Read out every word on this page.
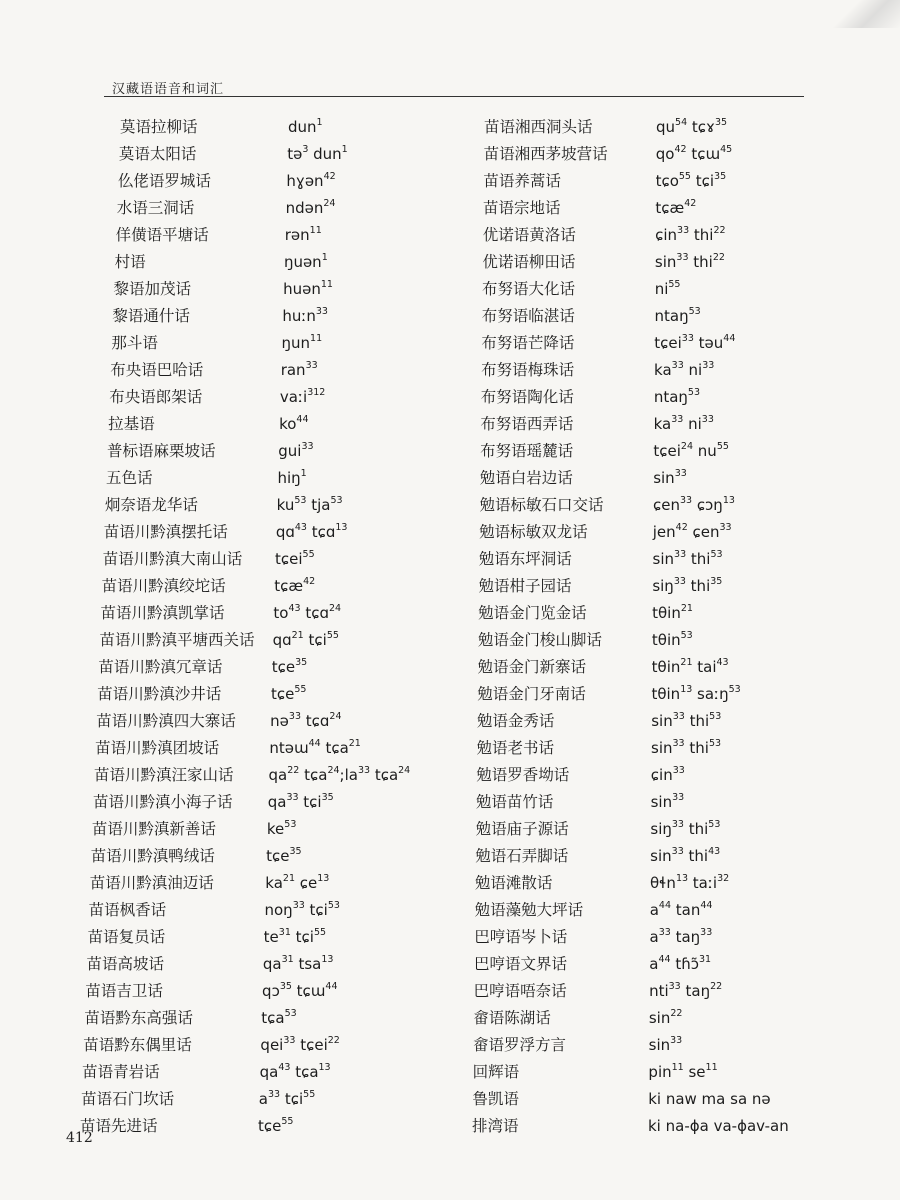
汉藏语语音和词汇
莫语拉柳话	dun$^1$
莫语太阳话	tə$^3$ dun$^1$
仫佬语罗城话	hɣən$^{42}$
水语三洞话	ndən$^{24}$
佯僙语平塘话	rən$^{11}$
村语	ŋuən$^1$
黎语加茂话	huən$^{11}$
黎语通什话	huːn$^{33}$
那斗语	ŋun$^{11}$
布央语巴哈话	ran$^{33}$
布央语郎架话	vaːi$^{312}$
拉基语	$ko^{44}$
普标语麻栗坡话	gui$^{33}$
五色话	hiŋ$^1$
炯奈语龙华话	$ku^{53}$ tja$^{53}$
苗语川黔滇摆托话	qɑ$^{43}$ tɕɑ$^{13}$
苗语川黔滇大南山话 tɕei$^{55}$
苗语川黔滇绞坨话	tɕæ$^{42}$
苗语川黔滇凯掌话	$to^{43}$ tɕɑ$^{24}$
苗语川黔滇平塘西关话 qɑ$^{21}$ tɕi$^{55}$
苗语川黔滇冗章话	tɕe$^{35}$
苗语川黔滇沙井话	tɕe$^{55}$
苗语川黔滇四大寨话 nə$^{33}$ tɕɑ$^{24}$
苗语川黔滇团坡话	ntəɯ$^{44}$ tɕa$^{21}$
苗语川黔滇汪家山话 $qa^{22}$ $tɕa^{24};la^{33}$ tɕa$^{24}$
苗语川黔滇小海子话 $qa^{33}$ tɕi$^{35}$
苗语川黔滇新善话	$ke^{53}$
苗语川黔滇鸭绒话	tɕe$^{35}$
苗语川黔滇油迈话	$ka^{21}$ ɕe$^{13}$
苗语枫香话	noŋ$^{33}$ tɕi$^{53}$
苗语复员话	$te^{31}$ tɕi$^{55}$
苗语高坡话	$qa^{31}$ tsa$^{13}$
苗语吉卫话	qɔ$^{35}$ tɕɯ$^{44}$
苗语黔东高强话	tɕa$^{53}$
苗语黔东偶里话	qei$^{33}$ tɕei$^{22}$
苗语青岩话	$qa^{43}$ tɕa$^{13}$
苗语石门坎话	$a^{33}$ tɕi$^{55}$
苗语先进话	tɕe$^{55}$
苗语湘西洞头话	$qu^{54}$ tɕɤ$^{35}$
苗语湘西茅坡营话	$qo^{42}$ tɕɯ$^{45}$
苗语养蒿话	tɕo$^{55}$ tɕi$^{35}$
苗语宗地话	tɕæ$^{42}$
优诺语黄洛话	ɕin$^{33}$ thi$^{22}$
优诺语柳田话	$\sin^{33} thi^{22}$
布努语大化话	$ni^{55}$
布努语临湛话	ntaŋ$^{53}$
布努语芒降话	tɕei$^{33}$ təu$^{44}$
布努语梅珠话	$ka^{33}$ $ni^{33}$
布努语陶化话	ntaŋ$^{53}$
布努语西弄话	$ka^{33}$ $ni^{33}$
布努语瑶麓话	tɕei$^{24}$ $nu^{55}$
勉语白岩边话	$\sin^{33}$
勉语标敏石口交话	ɕen$^{33}$ ɕɔŋ$^{13}$
勉语标敏双龙话	jen$^{42}$ ɕen$^{33}$
勉语东坪洞话	$\sin^{33} thi^{53}$
勉语柑子园话	siŋ$^{33}$ thi$^{35}$
勉语金门览金话	tθin$^{21}$
勉语金门梭山脚话	tθin$^{53}$
勉语金门新寨话	tθin$^{21}$ tai$^{43}$
勉语金门牙南话	tθin$^{13}$ saːŋ$^{53}$
勉语金秀话	$\sin^{33} thi^{53}$
勉语老书话	$\sin^{33} thi^{53}$
勉语罗香坳话	ɕin$^{33}$
勉语苗竹话	$\sin^{33}$
勉语庙子源话	siŋ$^{33}$ thi$^{53}$
勉语石弄脚话	$\sin^{33} thi^{43}$
勉语滩散话	θɬn$^{13}$ taːi$^{32}$
勉语藻勉大坪话	$a^{44}$ $\tan^{44}$
巴哼语岑卜话	$a^{33}$ taŋ$^{33}$
巴哼语文界话	$a^{44}$ tɦɔ̃$^{31}$
巴哼语唔奈话	nti$^{33}$ taŋ$^{22}$
畲语陈湖话	$\sin^{22}$
畲语罗浮方言	$\sin^{33}$
回辉语	pin$^{11}$ $se^{11}$
鲁凯语	ki naw ma sa nə
排湾语	ki na-ɸa va-ɸav-an
412
